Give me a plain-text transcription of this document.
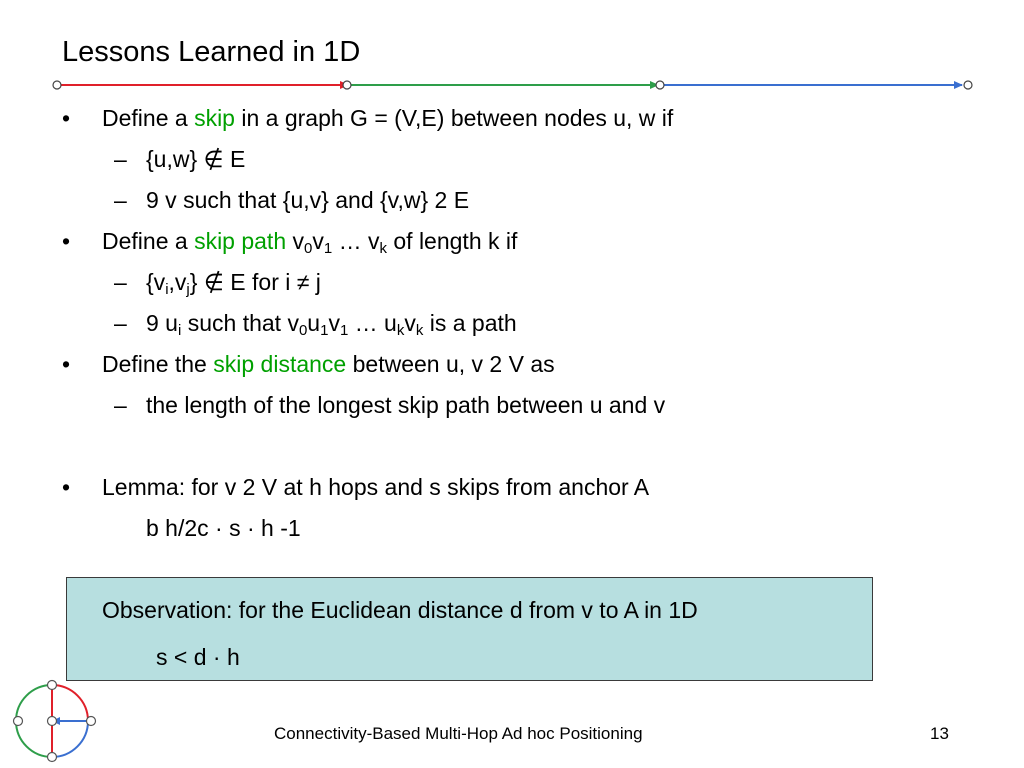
Lessons Learned in 1D
• Define a skip in a graph G = (V,E) between nodes u, w if
– {u,w} ∉ E
– 9 v such that {u,v} and {v,w} 2 E
• Define a skip path $v_0v_1$ … $v_k$ of length k if
– $\{v_i,v_j\}$ ∉ E for i ≠ j
– 9 $u_i$ such that $v_0u_1v_1$ … $u_kv_k$ is a path
• Define the skip distance between u, v 2 V as
– the length of the longest skip path between u and v
• Lemma: for v 2 V at h hops and s skips from anchor A
b h/2c · s · h -1
Observation: for the Euclidean distance d from v to A in 1D
s < d · h
Connectivity-Based Multi-Hop Ad hoc Positioning	13
